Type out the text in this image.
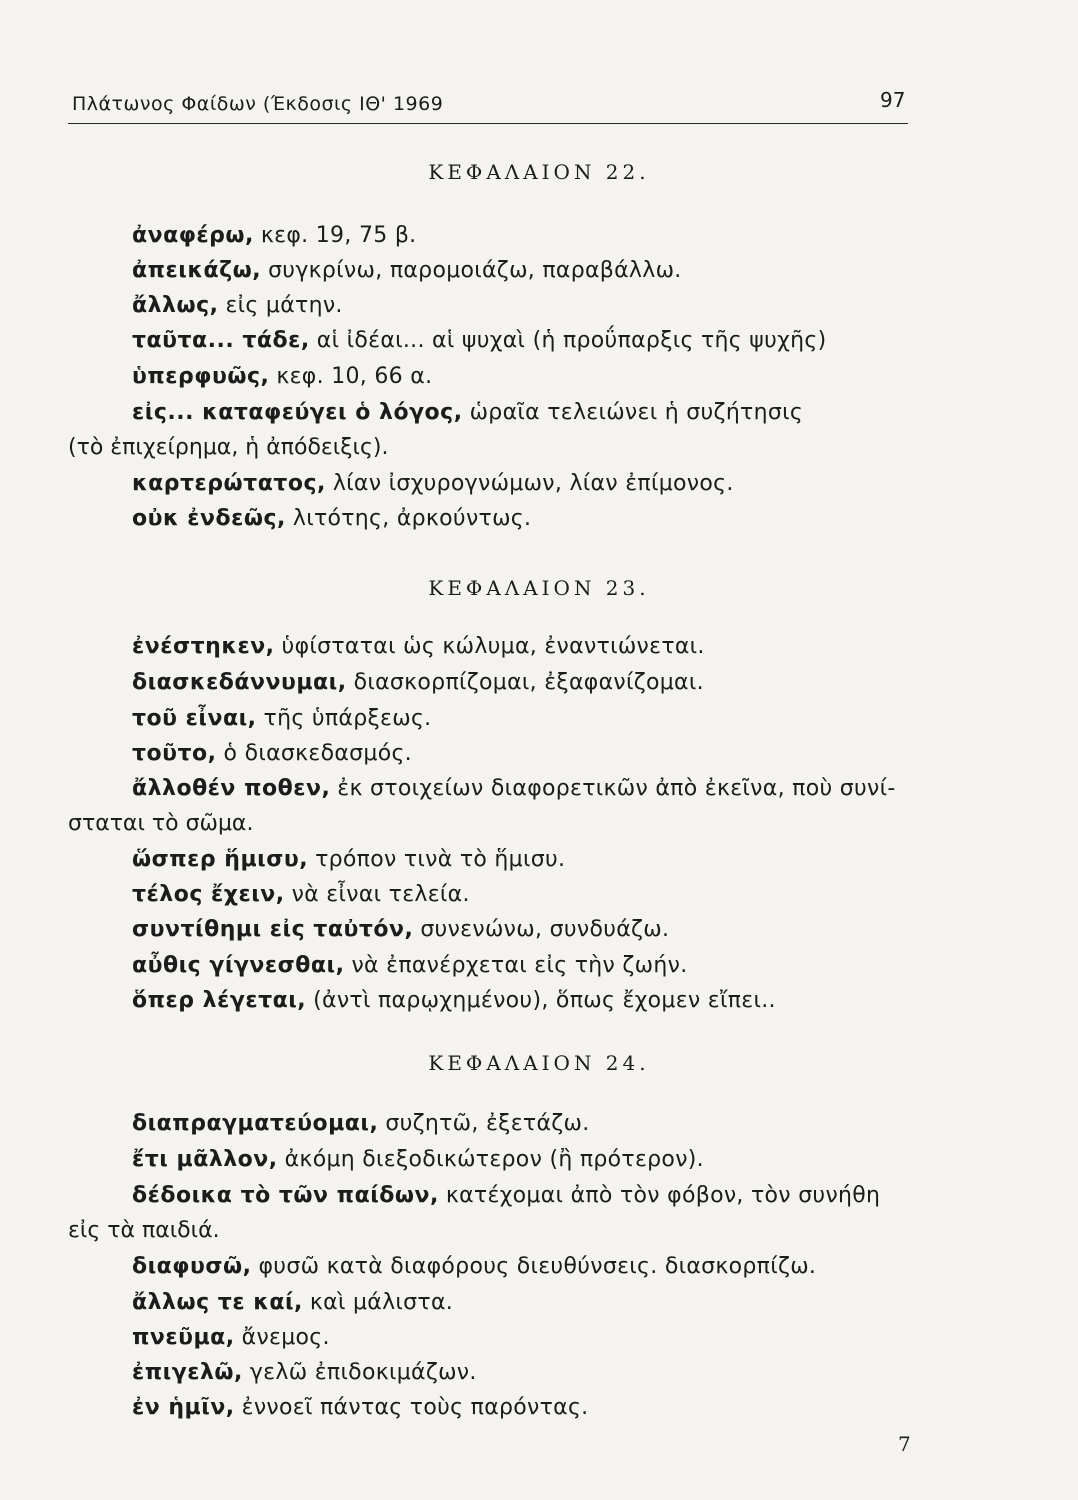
Πλάτωνος Φαίδων (Έκδοσις ΙΘ' 1969	97
ΚΕΦΑΛΑΙΟΝ 22.

ἀναφέρω, κεφ. 19, 75 β.

ἀπεικάζω, συγκρίνω, παρομοιάζω, παραβάλλω.

ἄλλως, εἰς μάτην.

ταῦτα... τάδε, αἱ ἰδέαι... αἱ ψυχαὶ (ἡ προΰπαρξις τῆς ψυχῆς)

ὑπερφυῶς, κεφ. 10, 66 α.

εἰς... καταφεύγει ὁ λόγος, ὡραῖα τελειώνει ἡ συζήτησις

(τὸ ἐπιχείρημα, ἡ ἀπόδειξις).

καρτερώτατος, λίαν ἰσχυρογνώμων, λίαν ἐπίμονος.

οὐκ ἐνδεῶς, λιτότης, ἀρκούντως.

ΚΕΦΑΛΑΙΟΝ 23.

ἐνέστηκεν, ὑφίσταται ὡς κώλυμα, ἐναντιώνεται.

διασκεδάννυμαι, διασκορπίζομαι, ἐξαφανίζομαι.

τοῦ εἶναι, τῆς ὑπάρξεως.

τοῦτο, ὁ διασκεδασμός.

ἄλλοθέν ποθεν, ἐκ στοιχείων διαφορετικῶν ἀπὸ ἐκεῖνα, ποὺ συνί-

σταται τὸ σῶμα.

ὥσπερ ἥμισυ, τρόπον τινὰ τὸ ἥμισυ.

τέλος ἔχειν, νὰ εἶναι τελεία.

συντίθημι εἰς ταὐτόν, συνενώνω, συνδυάζω.

αὖθις γίγνεσθαι, νὰ ἐπανέρχεται εἰς τὴν ζωήν.

ὅπερ λέγεται, (ἀντὶ παρῳχημένου), ὅπως ἔχομεν εἴπει..

ΚΕΦΑΛΑΙΟΝ 24.

διαπραγματεύομαι, συζητῶ, ἐξετάζω.

ἔτι μᾶλλον, ἀκόμη διεξοδικώτερον (ἢ πρότερον).

δέδοικα τὸ τῶν παίδων, κατέχομαι ἀπὸ τὸν φόβον, τὸν συνήθη

εἰς τὰ παιδιά.

διαφυσῶ, φυσῶ κατὰ διαφόρους διευθύνσεις. διασκορπίζω.

ἄλλως τε καί, καὶ μάλιστα.

πνεῦμα, ἄνεμος.

ἐπιγελῶ, γελῶ ἐπιδοκιμάζων.

ἐν ἡμῖν, ἐννοεῖ πάντας τοὺς παρόντας.

7
